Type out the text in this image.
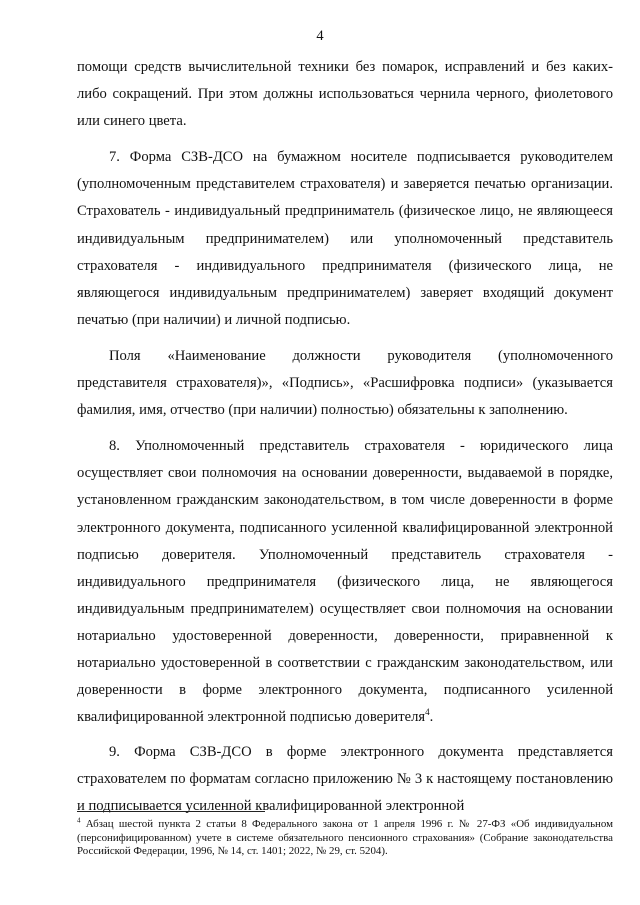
4

помощи средств вычислительной техники без помарок, исправлений и без каких-либо сокращений. При этом должны использоваться чернила черного, фиолетового или синего цвета.

7. Форма СЗВ-ДСО на бумажном носителе подписывается руководителем (уполномоченным представителем страхователя) и заверяется печатью организации. Страхователь - индивидуальный предприниматель (физическое лицо, не являющееся индивидуальным предпринимателем) или уполномоченный представитель страхователя - индивидуального предпринимателя (физического лица, не являющегося индивидуальным предпринимателем) заверяет входящий документ печатью (при наличии) и личной подписью.

Поля «Наименование должности руководителя (уполномоченного представителя страхователя)», «Подпись», «Расшифровка подписи» (указывается фамилия, имя, отчество (при наличии) полностью) обязательны к заполнению.

8. Уполномоченный представитель страхователя - юридического лица осуществляет свои полномочия на основании доверенности, выдаваемой в порядке, установленном гражданским законодательством, в том числе доверенности в форме электронного документа, подписанного усиленной квалифицированной электронной подписью доверителя. Уполномоченный представитель страхователя - индивидуального предпринимателя (физического лица, не являющегося индивидуальным предпринимателем) осуществляет свои полномочия на основании нотариально удостоверенной доверенности, доверенности, приравненной к нотариально удостоверенной в соответствии с гражданским законодательством, или доверенности в форме электронного документа, подписанного усиленной квалифицированной электронной подписью доверителя$^4$.

9. Форма СЗВ-ДСО в форме электронного документа представляется страхователем по форматам согласно приложению № 3 к настоящему постановлению и подписывается усиленной квалифицированной электронной

$^4$ Абзац шестой пункта 2 статьи 8 Федерального закона от 1 апреля 1996 г. № 27-ФЗ «Об индивидуальном (персонифицированном) учете в системе обязательного пенсионного страхования» (Собрание законодательства Российской Федерации, 1996, № 14, ст. 1401; 2022, № 29, ст. 5204).
